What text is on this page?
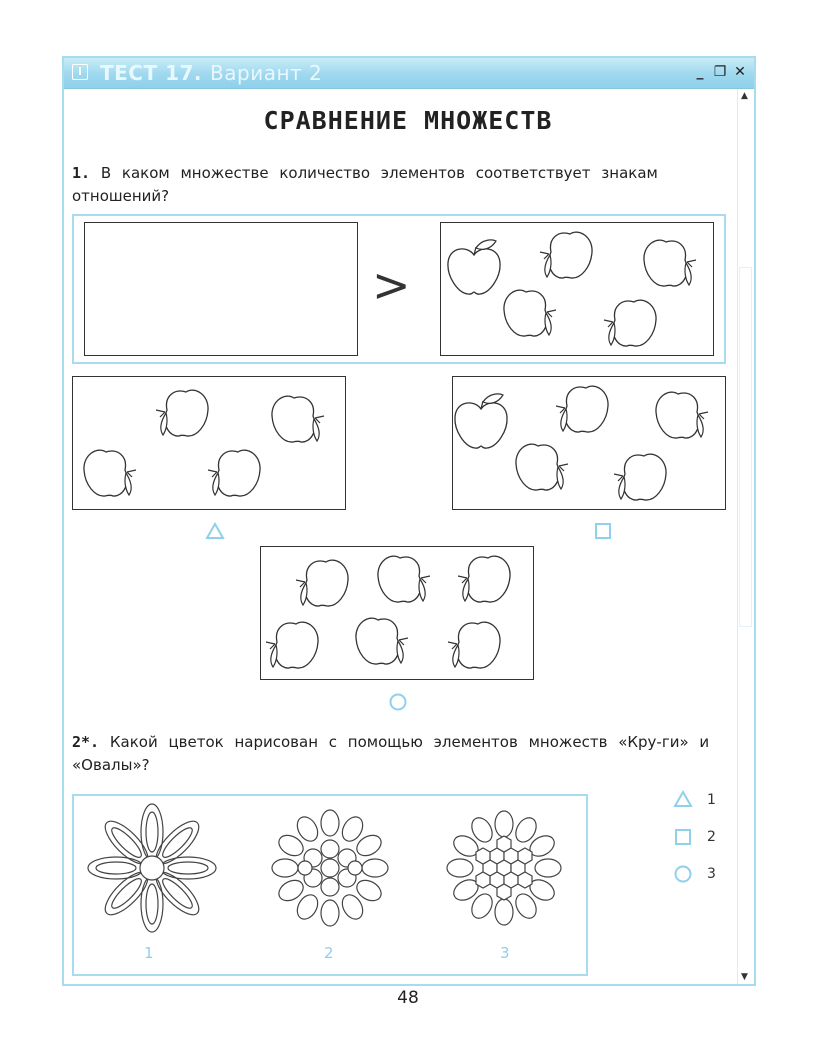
i ТЕСТ 17. Вариант 2	_ ❐ ✕
▲
▼
СРАВНЕНИЕ МНОЖЕСТВ
1. В каком множестве количество элементов соответствует знакам отношений?
>
2*. Какой цветок нарисован с помощью элементов множеств «Кру-ги» и «Овалы»?
1	2	3
1
2
3
48
